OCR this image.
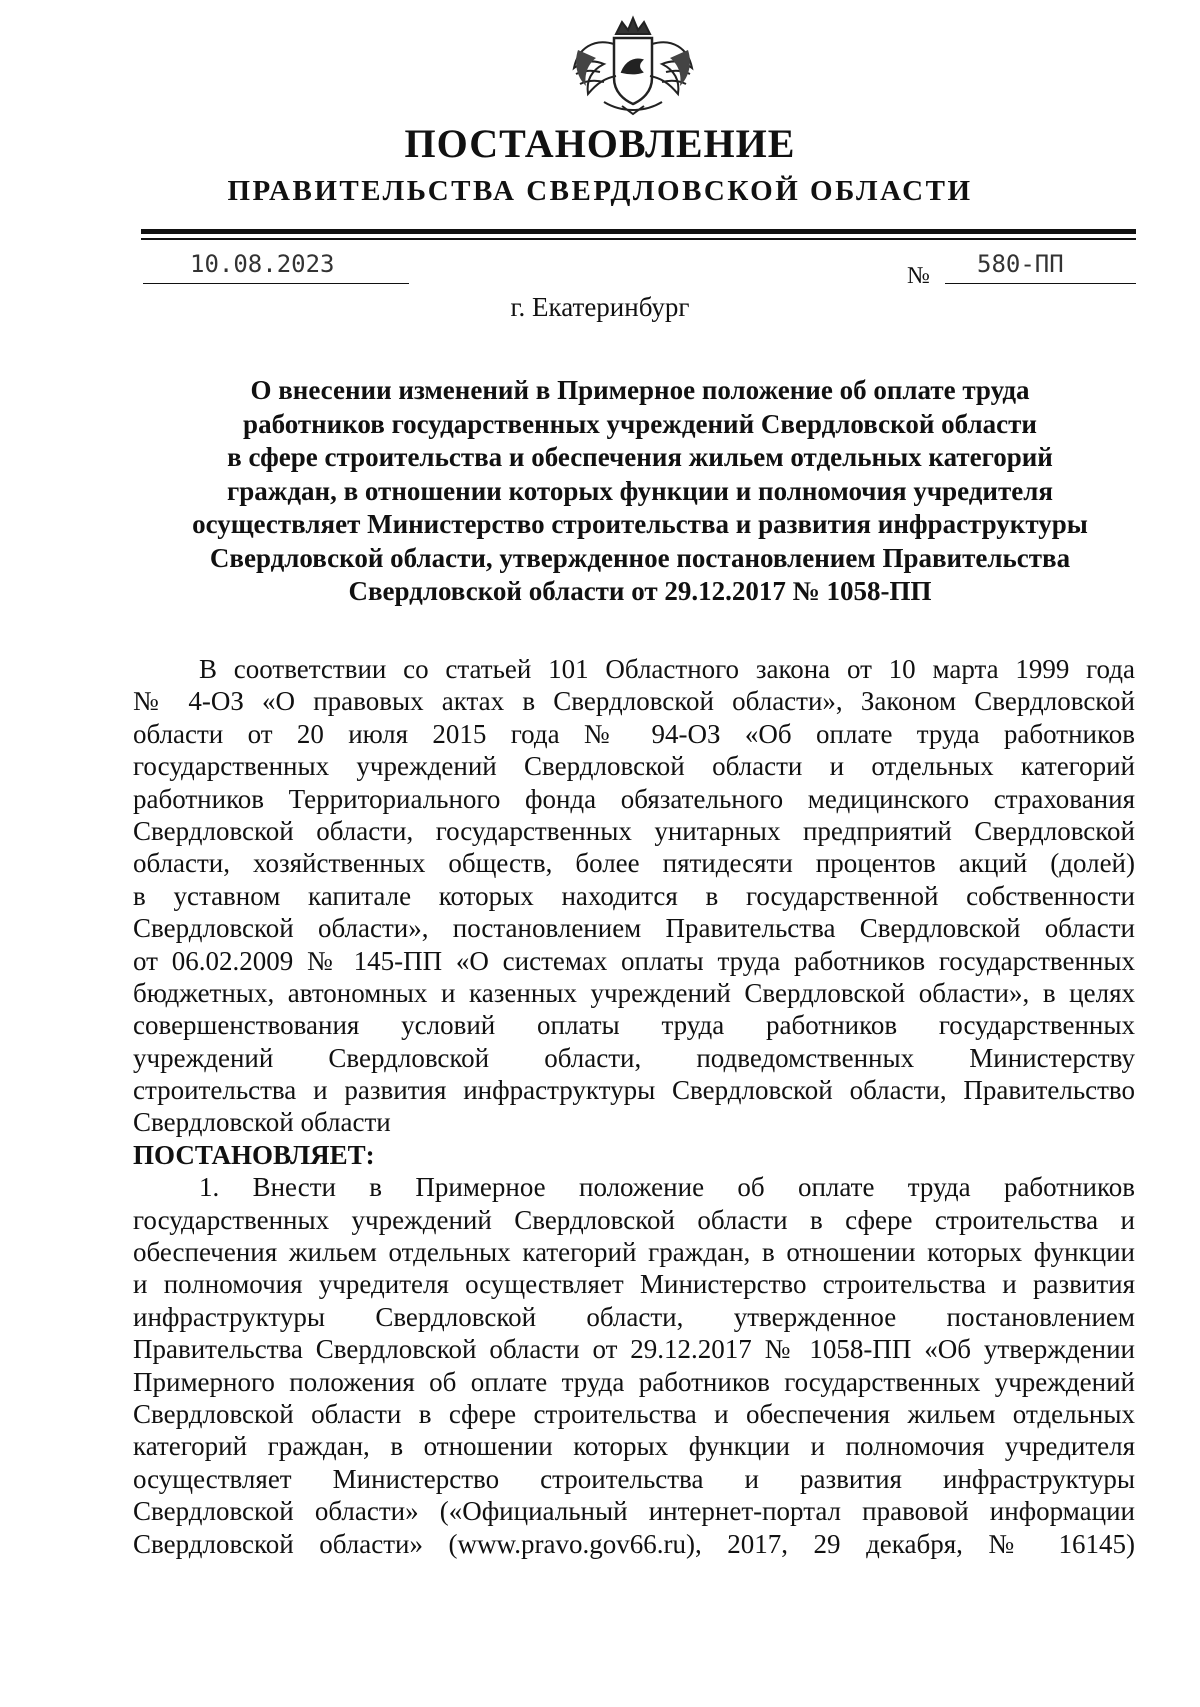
ПОСТАНОВЛЕНИЕ
ПРАВИТЕЛЬСТВА СВЕРДЛОВСКОЙ ОБЛАСТИ
10.08.2023	№ 580-ПП
г. Екатеринбург
О внесении изменений в Примерное положение об оплате труда
работников государственных учреждений Свердловской области
в сфере строительства и обеспечения жильем отдельных категорий
граждан, в отношении которых функции и полномочия учредителя
осуществляет Министерство строительства и развития инфраструктуры
Свердловской области, утвержденное постановлением Правительства
Свердловской области от 29.12.2017 № 1058-ПП
В соответствии со статьей 101 Областного закона от 10 марта 1999 года
№ 4-ОЗ «О правовых актах в Свердловской области», Законом Свердловской
области от 20 июля 2015 года № 94-ОЗ «Об оплате труда работников
государственных учреждений Свердловской области и отдельных категорий
работников Территориального фонда обязательного медицинского страхования
Свердловской области, государственных унитарных предприятий Свердловской
области, хозяйственных обществ, более пятидесяти процентов акций (долей)
в уставном капитале которых находится в государственной собственности
Свердловской области», постановлением Правительства Свердловской области
от 06.02.2009 № 145-ПП «О системах оплаты труда работников государственных
бюджетных, автономных и казенных учреждений Свердловской области», в целях
совершенствования условий оплаты труда работников государственных
учреждений Свердловской области, подведомственных Министерству
строительства и развития инфраструктуры Свердловской области, Правительство
Свердловской области
ПОСТАНОВЛЯЕТ:
1. Внести в Примерное положение об оплате труда работников
государственных учреждений Свердловской области в сфере строительства и
обеспечения жильем отдельных категорий граждан, в отношении которых функции
и полномочия учредителя осуществляет Министерство строительства и развития
инфраструктуры Свердловской области, утвержденное постановлением
Правительства Свердловской области от 29.12.2017 № 1058-ПП «Об утверждении
Примерного положения об оплате труда работников государственных учреждений
Свердловской области в сфере строительства и обеспечения жильем отдельных
категорий граждан, в отношении которых функции и полномочия учредителя
осуществляет Министерство строительства и развития инфраструктуры
Свердловской области» («Официальный интернет-портал правовой информации
Свердловской области» (www.pravo.gov66.ru), 2017, 29 декабря, № 16145)
